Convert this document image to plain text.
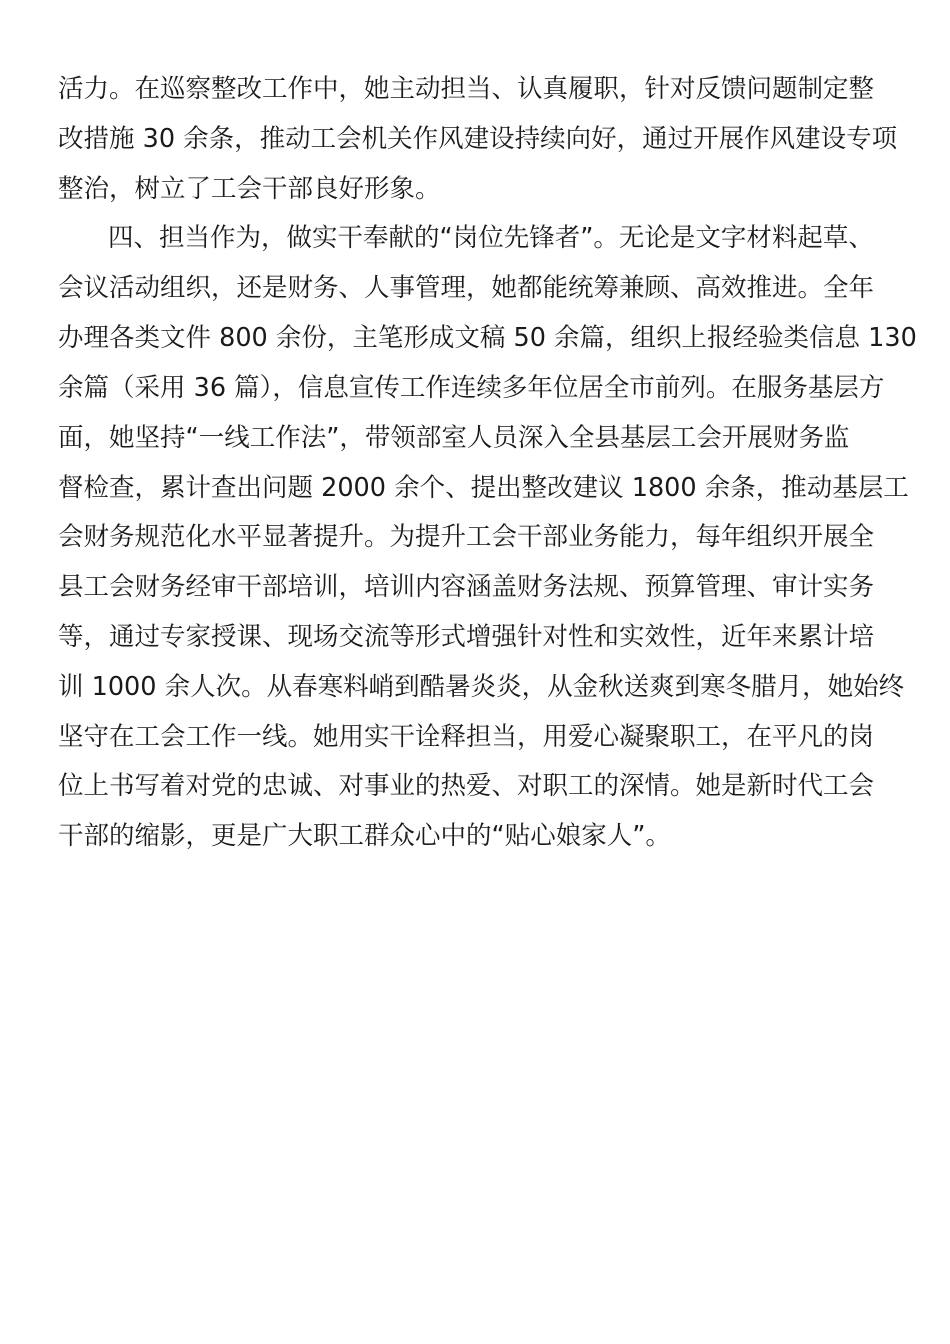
活力。在巡察整改工作中，她主动担当、认真履职，针对反馈问题制定整
改措施 30 余条，推动工会机关作风建设持续向好，通过开展作风建设专项
整治，树立了工会干部良好形象。
四、担当作为，做实干奉献的“岗位先锋者”。无论是文字材料起草、
会议活动组织，还是财务、人事管理，她都能统筹兼顾、高效推进。全年
办理各类文件 800 余份，主笔形成文稿 50 余篇，组织上报经验类信息 130
余篇（采用 36 篇），信息宣传工作连续多年位居全市前列。在服务基层方
面，她坚持“一线工作法”，带领部室人员深入全县基层工会开展财务监
督检查，累计查出问题 2000 余个、提出整改建议 1800 余条，推动基层工
会财务规范化水平显著提升。为提升工会干部业务能力，每年组织开展全
县工会财务经审干部培训，培训内容涵盖财务法规、预算管理、审计实务
等，通过专家授课、现场交流等形式增强针对性和实效性，近年来累计培
训 1000 余人次。从春寒料峭到酷暑炎炎，从金秋送爽到寒冬腊月，她始终
坚守在工会工作一线。她用实干诠释担当，用爱心凝聚职工，在平凡的岗
位上书写着对党的忠诚、对事业的热爱、对职工的深情。她是新时代工会
干部的缩影，更是广大职工群众心中的“贴心娘家人”。
